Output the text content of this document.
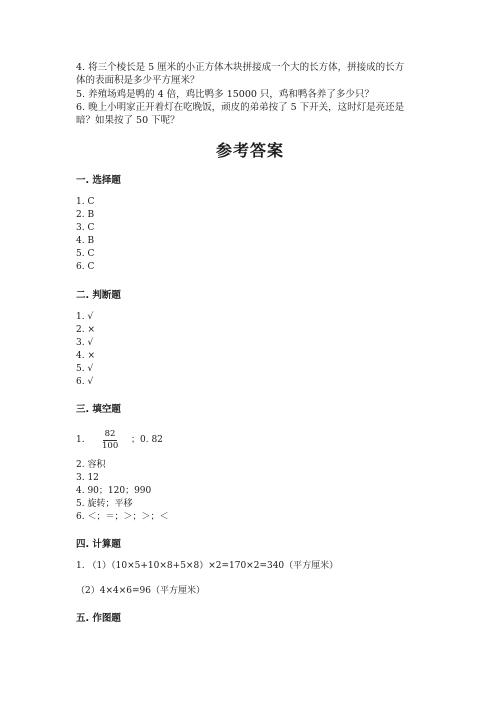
4. 将三个棱长是 5 厘米的小正方体木块拼接成一个大的长方体，拼接成的长方
体的表面积是多少平方厘米？
5. 养殖场鸡是鸭的 4 倍，鸡比鸭多 15000 只，鸡和鸭各养了多少只？
6. 晚上小明家正开着灯在吃晚饭，顽皮的弟弟按了 5 下开关，这时灯是亮还是
暗？如果按了 50 下呢？
参考答案
一. 选择题
1. C
2. B
3. C
4. B
5. C
6. C
二. 判断题
1. √
2. ×
3. √
4. ×
5. √
6. √
三. 填空题
1.
82
100
；0. 82
2. 容积
3. 12
4. 90；120；990
5. 旋转；平移
6. ＜；＝；＞；＞；＜
四. 计算题
1. （1）（10×5+10×8+5×8）×2=170×2=340（平方厘米）
（2）4×4×6=96（平方厘米）
五. 作图题
